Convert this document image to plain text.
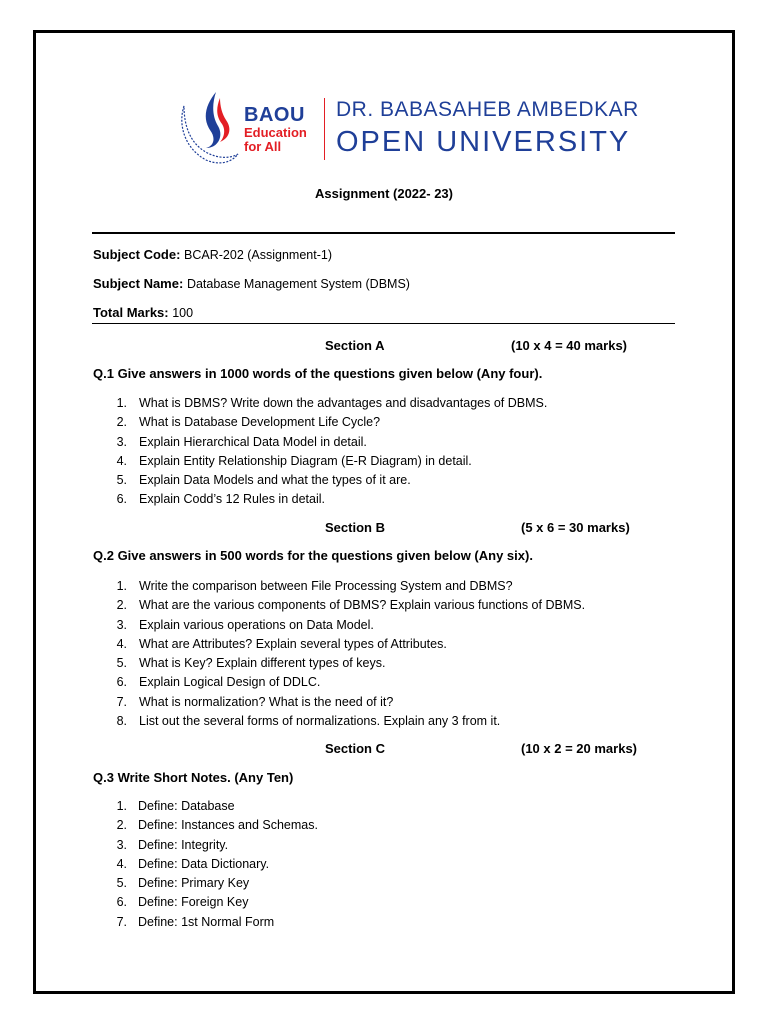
BAOU
Education
for All
DR. BABASAHEB AMBEDKAR
OPEN UNIVERSITY
Assignment (2022- 23)
Subject Code: BCAR-202 (Assignment-1)
Subject Name: Database Management System (DBMS)
Total Marks: 100
Section A	(10 x 4 = 40 marks)
Q.1 Give answers in 1000 words of the questions given below (Any four).
1. What is DBMS? Write down the advantages and disadvantages of DBMS.
2. What is Database Development Life Cycle?
3. Explain Hierarchical Data Model in detail.
4. Explain Entity Relationship Diagram (E-R Diagram) in detail.
5. Explain Data Models and what the types of it are.
6. Explain Codd’s 12 Rules in detail.
Section B	(5 x 6 = 30 marks)
Q.2 Give answers in 500 words for the questions given below (Any six).
1. Write the comparison between File Processing System and DBMS?
2. What are the various components of DBMS? Explain various functions of DBMS.
3. Explain various operations on Data Model.
4. What are Attributes? Explain several types of Attributes.
5. What is Key? Explain different types of keys.
6. Explain Logical Design of DDLC.
7. What is normalization? What is the need of it?
8. List out the several forms of normalizations. Explain any 3 from it.
Section C	(10 x 2 = 20 marks)
Q.3 Write Short Notes. (Any Ten)
1. Define: Database
2. Define: Instances and Schemas.
3. Define: Integrity.
4. Define: Data Dictionary.
5. Define: Primary Key
6. Define: Foreign Key
7. Define: 1st Normal Form
